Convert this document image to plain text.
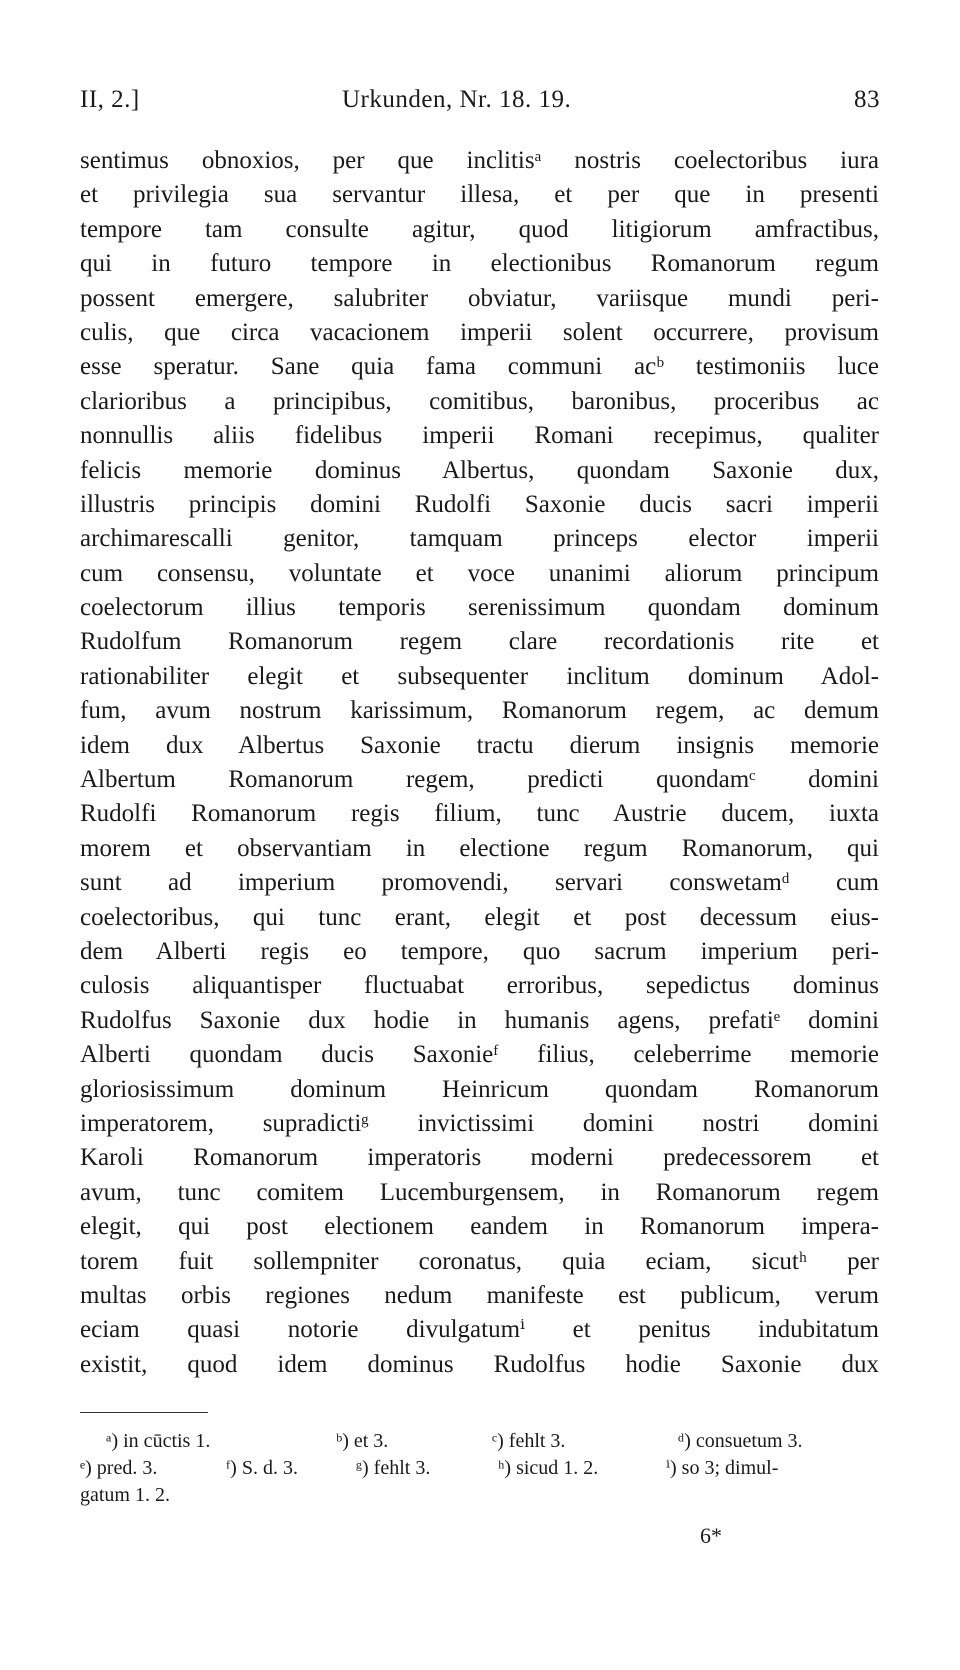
II, 2.]	Urkunden, Nr. 18. 19.	83
sentimus obnoxios, per que inclitisᵃ nostris coelectoribus iura
et privilegia sua servantur illesa, et per que in presenti
tempore tam consulte agitur, quod litigiorum amfractibus,
qui in futuro tempore in electionibus Romanorum regum
possent emergere, salubriter obviatur, variisque mundi peri-
culis, que circa vacacionem imperii solent occurrere, provisum
esse speratur. Sane quia fama communi acᵇ testimoniis luce
clarioribus a principibus, comitibus, baronibus, proceribus ac
nonnullis aliis fidelibus imperii Romani recepimus, qualiter
felicis memorie dominus Albertus, quondam Saxonie dux,
illustris principis domini Rudolfi Saxonie ducis sacri imperii
archimarescalli genitor, tamquam princeps elector imperii
cum consensu, voluntate et voce unanimi aliorum principum
coelectorum illius temporis serenissimum quondam dominum
Rudolfum Romanorum regem clare recordationis rite et
rationabiliter elegit et subsequenter inclitum dominum Adol-
fum, avum nostrum karissimum, Romanorum regem, ac demum
idem dux Albertus Saxonie tractu dierum insignis memorie
Albertum Romanorum regem, predicti quondamᶜ domini
Rudolfi Romanorum regis filium, tunc Austrie ducem, iuxta
morem et observantiam in electione regum Romanorum, qui
sunt ad imperium promovendi, servari conswetamᵈ cum
coelectoribus, qui tunc erant, elegit et post decessum eius-
dem Alberti regis eo tempore, quo sacrum imperium peri-
culosis aliquantisper fluctuabat erroribus, sepedictus dominus
Rudolfus Saxonie dux hodie in humanis agens, prefatiᵉ domini
Alberti quondam ducis Saxonieᶠ filius, celeberrime memorie
gloriosissimum dominum Heinricum quondam Romanorum
imperatorem, supradictiᵍ invictissimi domini nostri domini
Karoli Romanorum imperatoris moderni predecessorem et
avum, tunc comitem Lucemburgensem, in Romanorum regem
elegit, qui post electionem eandem in Romanorum impera-
torem fuit sollempniter coronatus, quia eciam, sicutʰ per
multas orbis regiones nedum manifeste est publicum, verum
eciam quasi notorie divulgatumⁱ et penitus indubitatum
existit, quod idem dominus Rudolfus hodie Saxonie dux
ᵃ) in cūctis 1.	ᵇ) et 3.	ᶜ) fehlt 3.	ᵈ) consuetum 3.
ᵉ) pred. 3.	ᶠ) S. d. 3.	ᵍ) fehlt 3.	ʰ) sicud 1. 2.	ⁱ) so 3; dimul-
gatum 1. 2.
6*
